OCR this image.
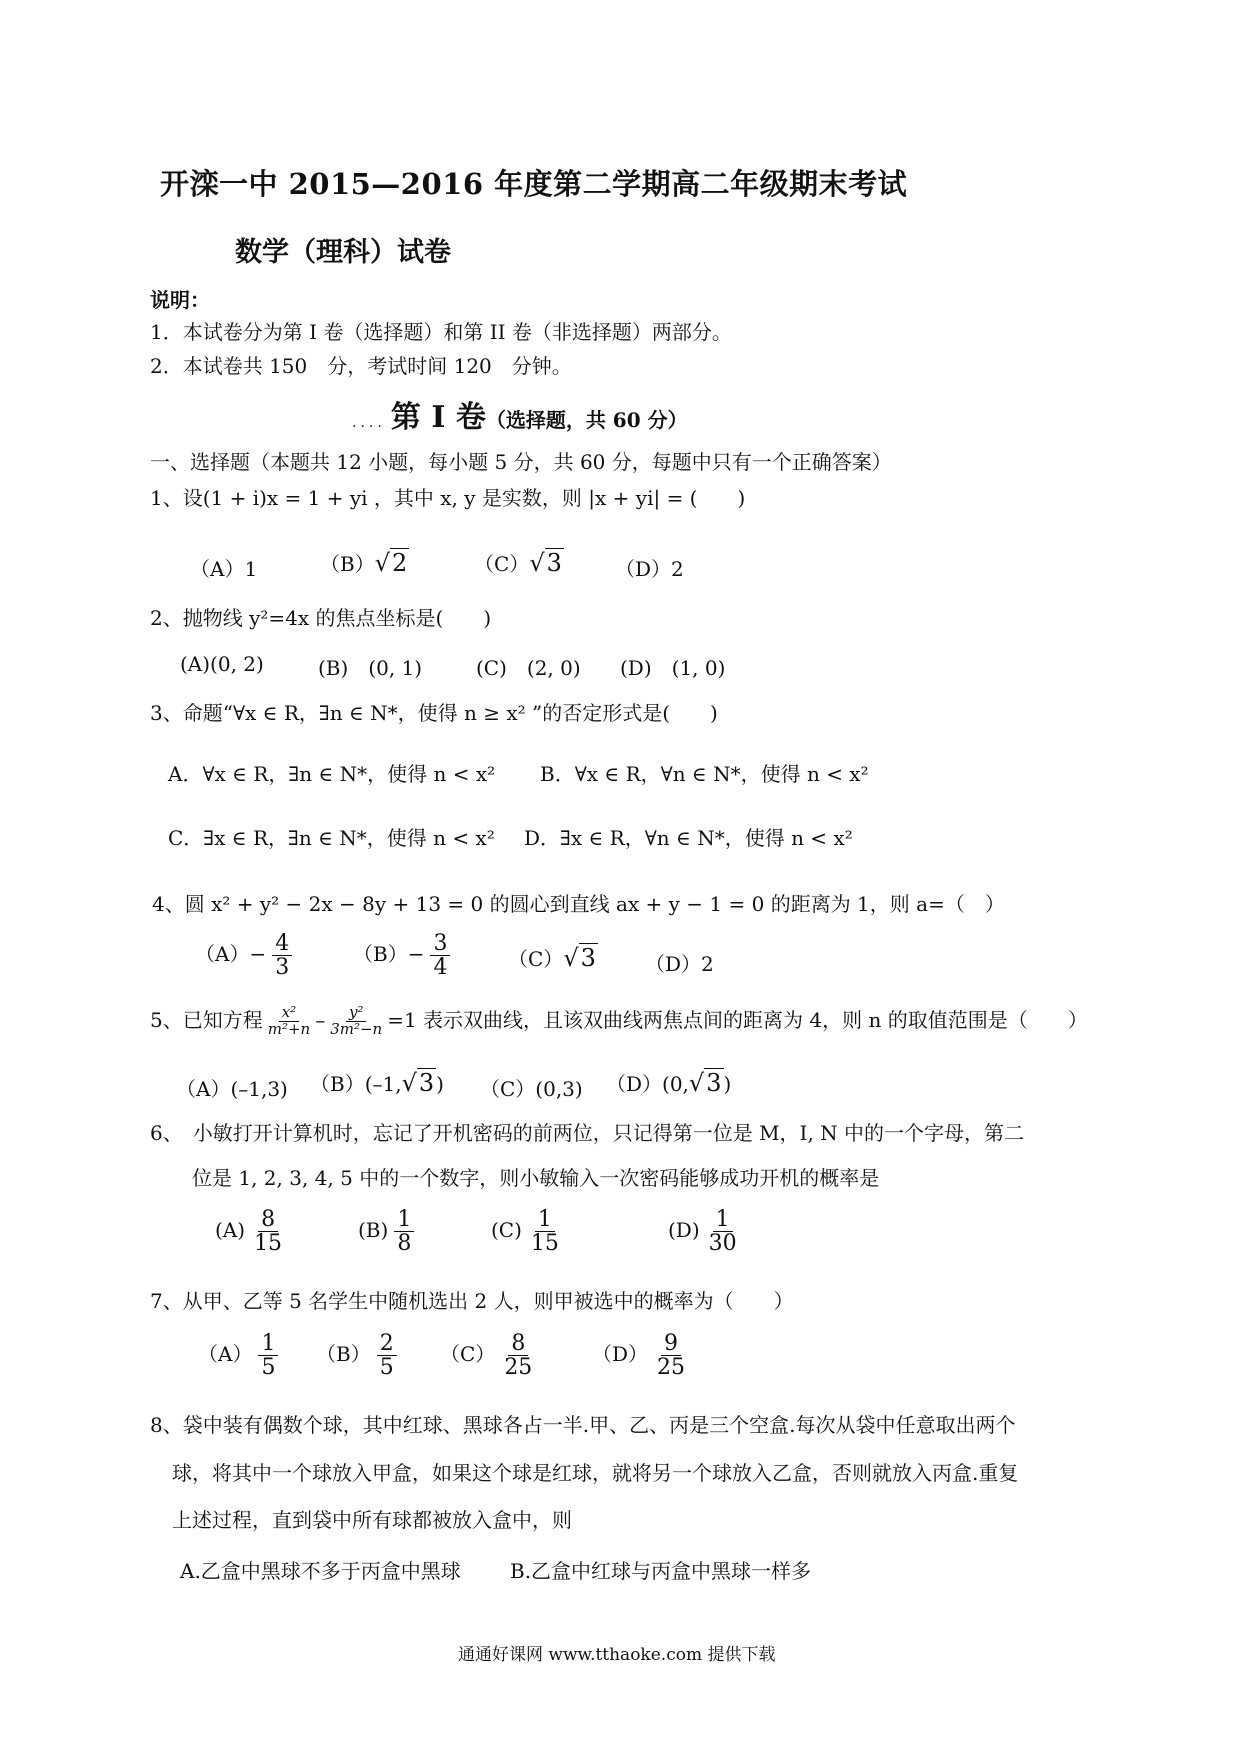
开滦一中 2015—2016 年度第二学期高二年级期末考试
数学（理科）试卷
说明：
1．本试卷分为第 I 卷（选择题）和第 II 卷（非选择题）两部分。
2．本试卷共 150　分，考试时间 120　分钟。
.... 第 I 卷（选择题，共 60 分）
一、选择题（本题共 12 小题，每小题 5 分，共 60 分，每题中只有一个正确答案）
1、设(1 + i)x = 1 + yi ，其中 x, y 是实数，则 |x + yi| = (　　)
（A）1	（B）√2	（C）√3	（D）2
2、抛物线 y²=4x 的焦点坐标是(　　)
(A)(0, 2)	(B)　(0, 1)	(C)　(2, 0) (D)　(1, 0)
3、命题“∀x ∈ R，∃n ∈ N*，使得 n ≥ x² ”的否定形式是(　　)
A．∀x ∈ R，∃n ∈ N*，使得 n < x² B．∀x ∈ R，∀n ∈ N*，使得 n < x²
C．∃x ∈ R，∃n ∈ N*，使得 n < x² D．∃x ∈ R，∀n ∈ N*，使得 n < x²
4、圆 x² + y² − 2x − 8y + 13 = 0 的圆心到直线 ax + y − 1 = 0 的距离为 1，则 a=（　）
$(A)- \frac{4}{3}$	$(B)- \frac{3}{4}$	（C）√3 （D）2
5、已知方程 $\frac{\text{x²}}{\text{m²+n}} - \frac{\text{y²}}{\text{3m²−n}} =1$ 表示双曲线，且该双曲线两焦点间的距离为 4，则 n 的取值范围是（　　）
（A）(–1,3) （B）(–1,√3 ) （C）(0,3) （D）(0,√3 )
6、　小敏打开计算机时，忘记了开机密码的前两位，只记得第一位是 M，I, N 中的一个字母，第二
位是 1, 2, 3, 4, 5 中的一个数字，则小敏输入一次密码能够成功开机的概率是
$(A) \frac{8}{15}$	$(B) \frac{1}{8}$	$(C) \frac{1}{15}$	$(D) \frac{1}{30}$
7、从甲、乙等 5 名学生中随机选出 2 人，则甲被选中的概率为（　　）
$(A) \frac{1}{5} (B) \frac{2}{5} (C) \frac{8}{25}$	$(D) \frac{9}{25}$
8、袋中装有偶数个球，其中红球、黑球各占一半.甲、乙、丙是三个空盒.每次从袋中任意取出两个
球，将其中一个球放入甲盒，如果这个球是红球，就将另一个球放入乙盒，否则就放入丙盒.重复
上述过程，直到袋中所有球都被放入盒中，则
A.乙盒中黑球不多于丙盒中黑球 B.乙盒中红球与丙盒中黑球一样多
通通好课网 www.tthaoke.com 提供下载
